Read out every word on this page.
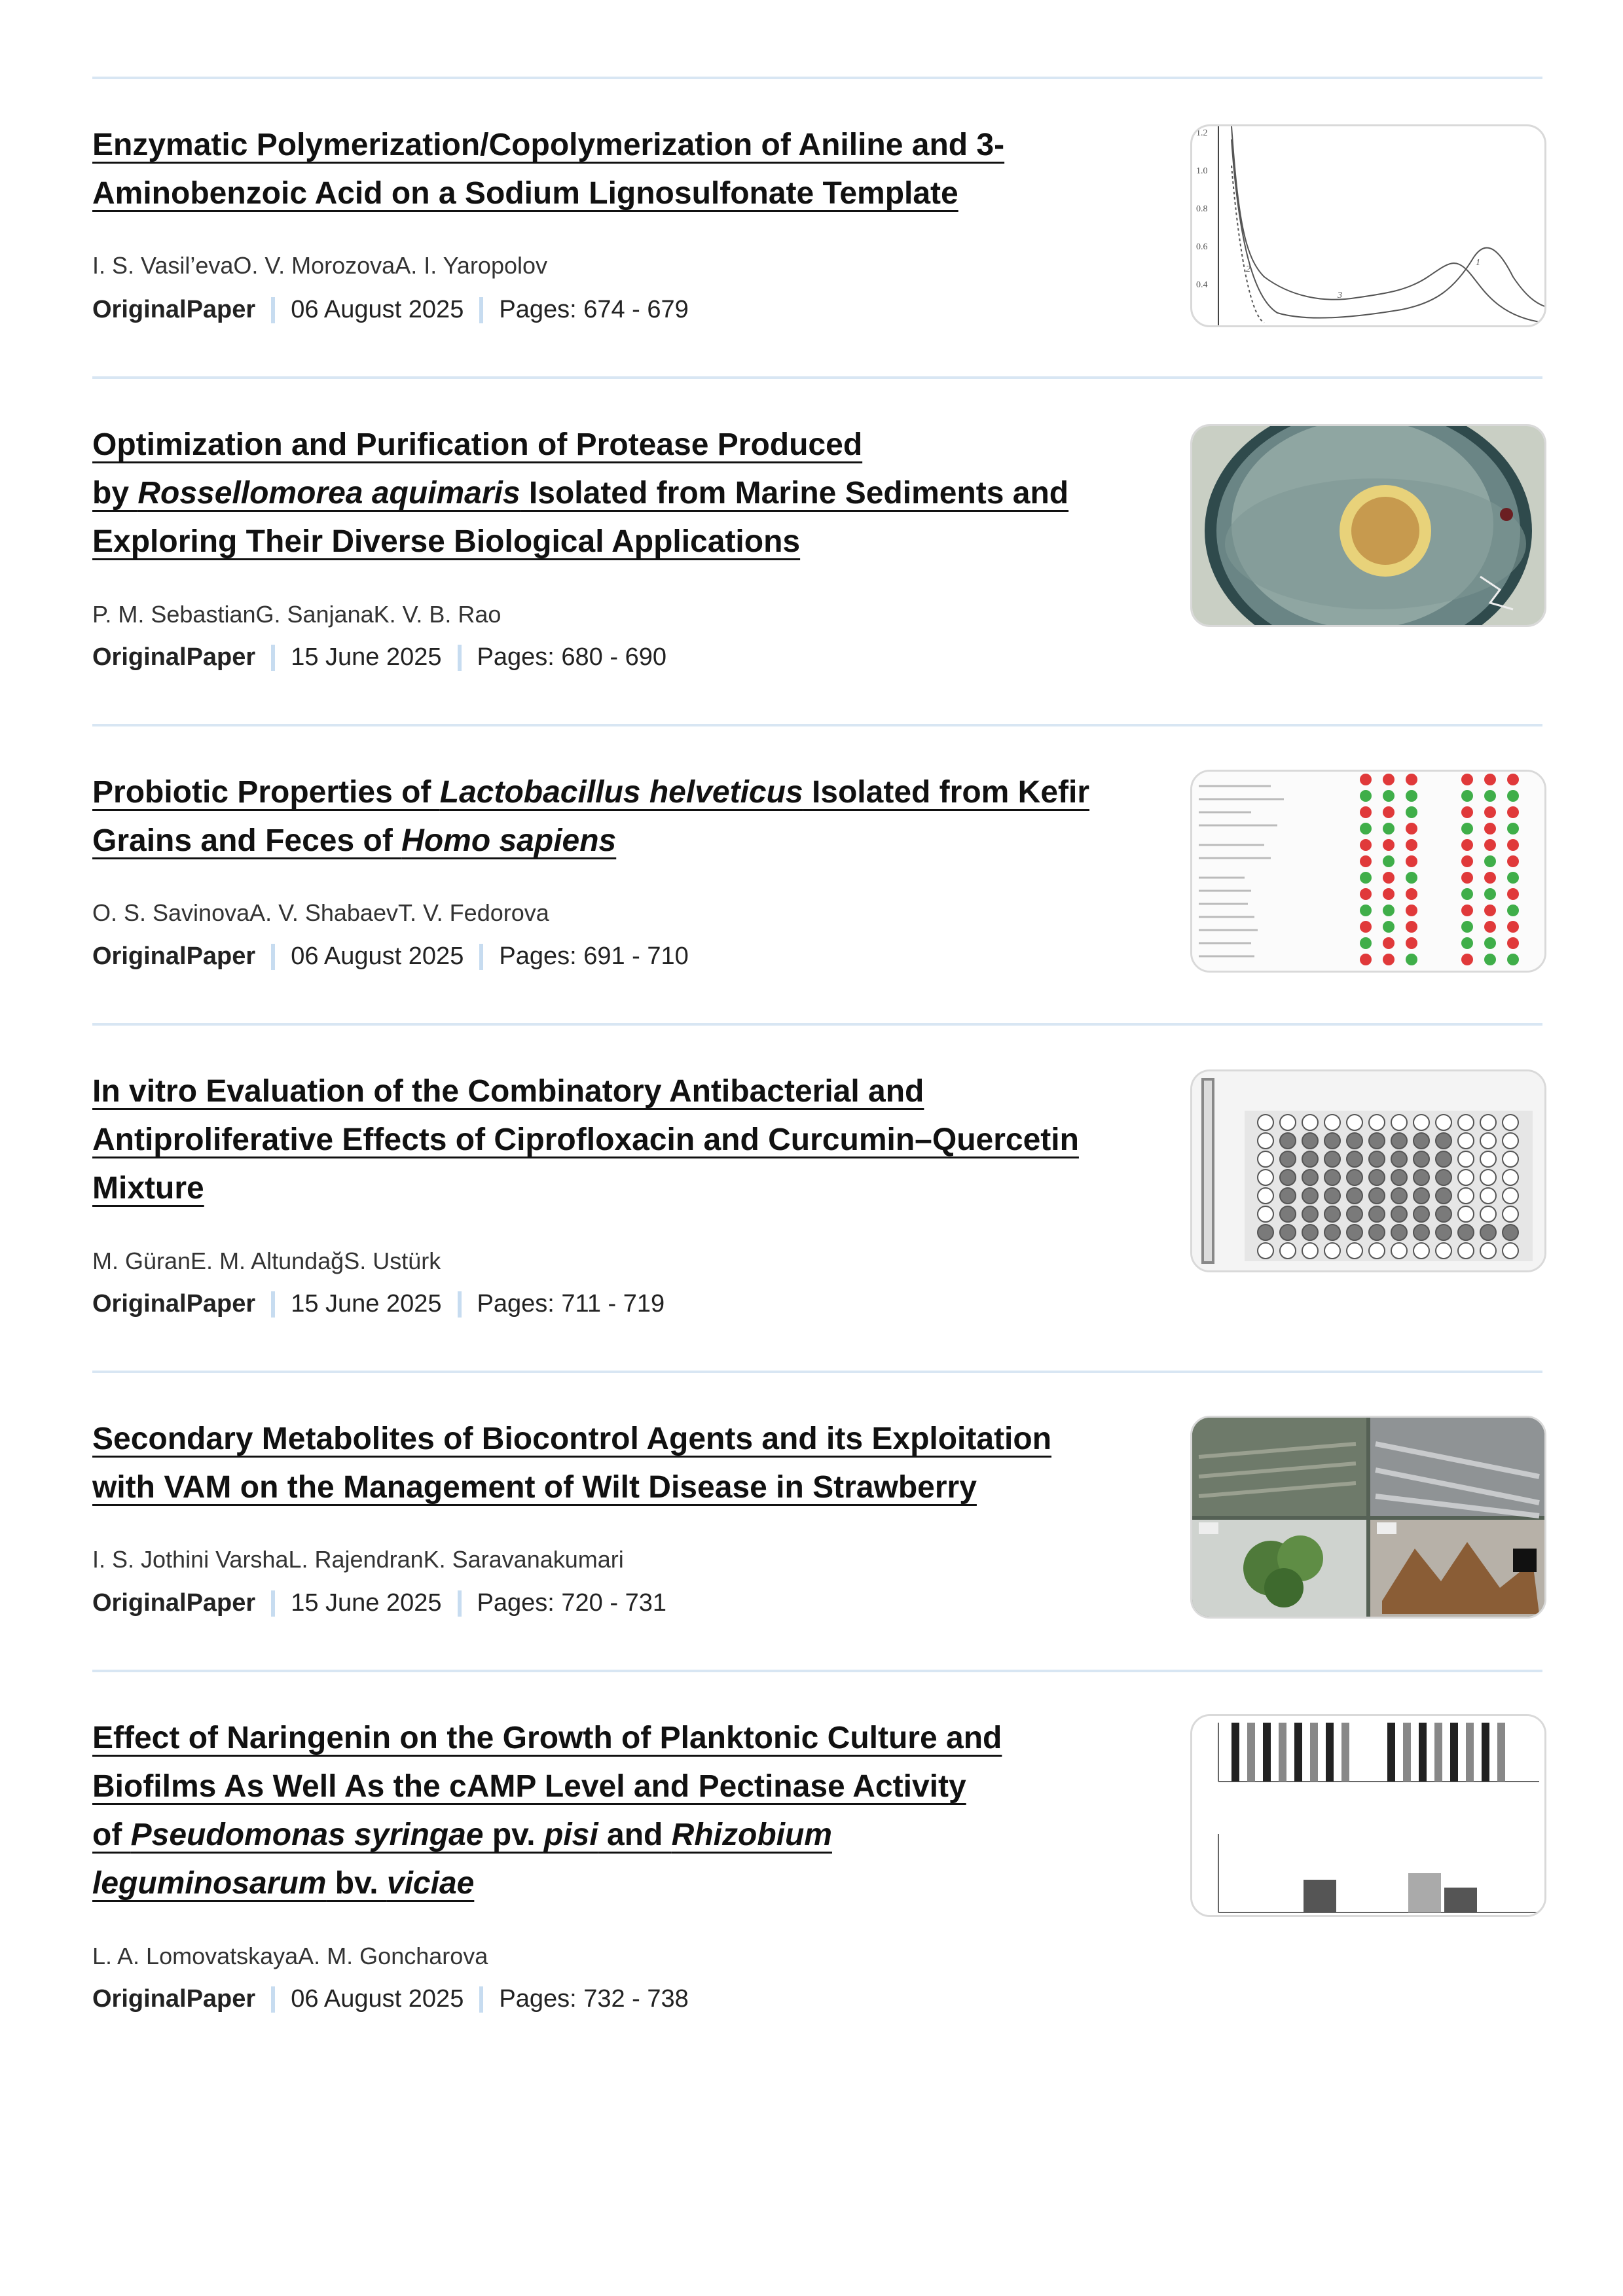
Enzymatic Polymerization/Copolymerization of Aniline and 3-
Aminobenzoic Acid on a Sodium Lignosulfonate Template
I. S. Vasil’evaO. V. MorozovaA. I. Yaropolov
OriginalPaper 06 August 2025 Pages: 674 - 679
1.2
1.0
0.8
0.6
0.4
1
2
3
Optimization and Purification of Protease Produced
by Rossellomorea aquimaris Isolated from Marine Sediments and
Exploring Their Diverse Biological Applications
P. M. SebastianG. SanjanaK. V. B. Rao
OriginalPaper 15 June 2025 Pages: 680 - 690
Probiotic Properties of Lactobacillus helveticus Isolated from Kefir
Grains and Feces of Homo sapiens
O. S. SavinovaA. V. ShabaevT. V. Fedorova
OriginalPaper 06 August 2025 Pages: 691 - 710
In vitro Evaluation of the Combinatory Antibacterial and
Antiproliferative Effects of Ciprofloxacin and Curcumin–Quercetin
Mixture
M. GüranE. M. AltundağS. Ustürk
OriginalPaper 15 June 2025 Pages: 711 - 719
Secondary Metabolites of Biocontrol Agents and its Exploitation
with VAM on the Management of Wilt Disease in Strawberry
I. S. Jothini VarshaL. RajendranK. Saravanakumari
OriginalPaper 15 June 2025 Pages: 720 - 731
Effect of Naringenin on the Growth of Planktonic Culture and
Biofilms As Well As the cAMP Level and Pectinase Activity
of Pseudomonas syringae pv. pisi and Rhizobium
leguminosarum bv. viciae
L. A. LomovatskayaA. M. Goncharova
OriginalPaper 06 August 2025 Pages: 732 - 738
